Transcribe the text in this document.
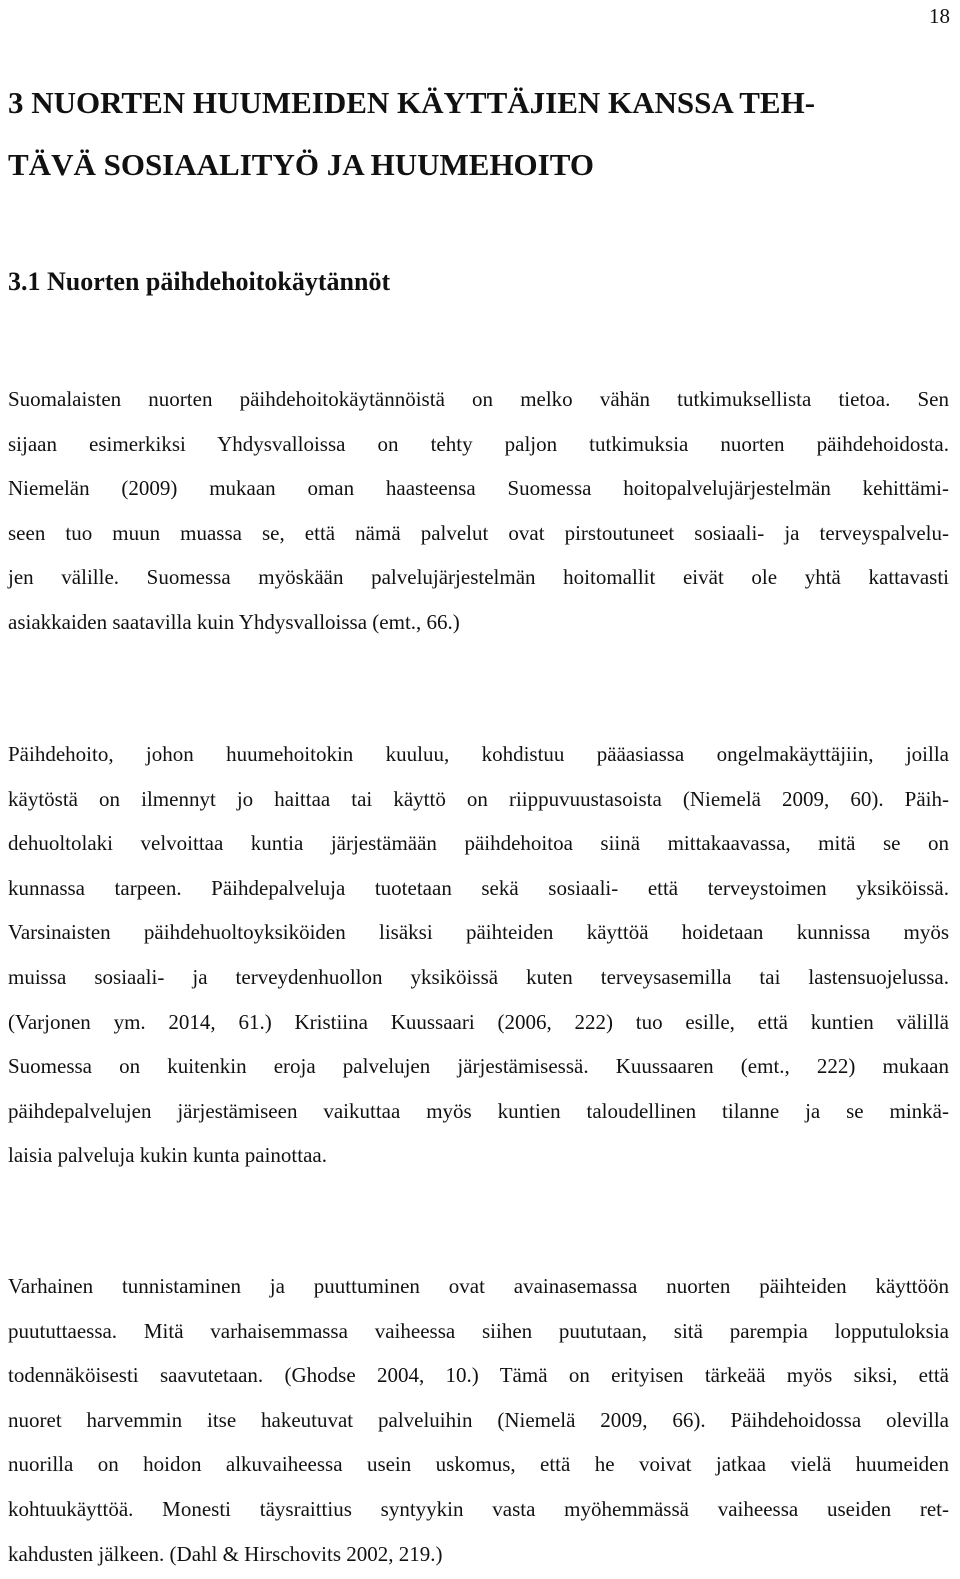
18
3 NUORTEN HUUMEIDEN KÄYTTÄJIEN KANSSA TEH-
TÄVÄ SOSIAALITYÖ JA HUUMEHOITO
3.1 Nuorten päihdehoitokäytännöt

Suomalaisten nuorten päihdehoitokäytännöistä on melko vähän tutkimuksellista tietoa. Sen
sijaan esimerkiksi Yhdysvalloissa on tehty paljon tutkimuksia nuorten päihdehoidosta.
Niemelän (2009) mukaan oman haasteensa Suomessa hoitopalvelujärjestelmän kehittämi-
seen tuo muun muassa se, että nämä palvelut ovat pirstoutuneet sosiaali- ja terveyspalvelu-
jen välille. Suomessa myöskään palvelujärjestelmän hoitomallit eivät ole yhtä kattavasti
asiakkaiden saatavilla kuin Yhdysvalloissa (emt., 66.)

Päihdehoito, johon huumehoitokin kuuluu, kohdistuu pääasiassa ongelmakäyttäjiin, joilla
käytöstä on ilmennyt jo haittaa tai käyttö on riippuvuustasoista (Niemelä 2009, 60). Päih-
dehuoltolaki velvoittaa kuntia järjestämään päihdehoitoa siinä mittakaavassa, mitä se on
kunnassa tarpeen. Päihdepalveluja tuotetaan sekä sosiaali- että terveystoimen yksiköissä.
Varsinaisten päihdehuoltoyksiköiden lisäksi päihteiden käyttöä hoidetaan kunnissa myös
muissa sosiaali- ja terveydenhuollon yksiköissä kuten terveysasemilla tai lastensuojelussa.
(Varjonen ym. 2014, 61.) Kristiina Kuussaari (2006, 222) tuo esille, että kuntien välillä
Suomessa on kuitenkin eroja palvelujen järjestämisessä. Kuussaaren (emt., 222) mukaan
päihdepalvelujen järjestämiseen vaikuttaa myös kuntien taloudellinen tilanne ja se minkä-
laisia palveluja kukin kunta painottaa.

Varhainen tunnistaminen ja puuttuminen ovat avainasemassa nuorten päihteiden käyttöön
puututtaessa. Mitä varhaisemmassa vaiheessa siihen puututaan, sitä parempia lopputuloksia
todennäköisesti saavutetaan. (Ghodse 2004, 10.) Tämä on erityisen tärkeää myös siksi, että
nuoret harvemmin itse hakeutuvat palveluihin (Niemelä 2009, 66). Päihdehoidossa olevilla
nuorilla on hoidon alkuvaiheessa usein uskomus, että he voivat jatkaa vielä huumeiden
kohtuukäyttöä. Monesti täysraittius syntyykin vasta myöhemmässä vaiheessa useiden ret-
kahdusten jälkeen. (Dahl & Hirschovits 2002, 219.)
